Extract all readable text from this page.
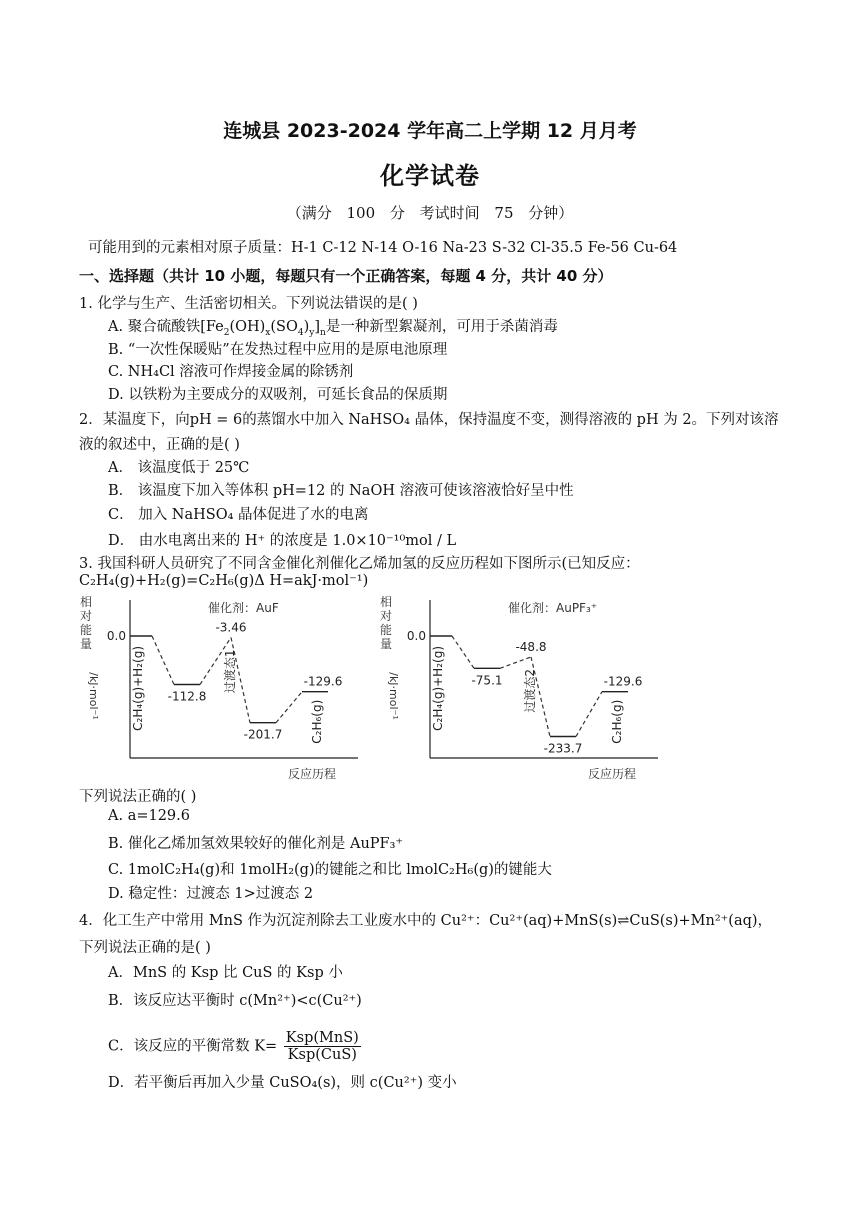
连城县 2023-2024 学年高二上学期 12 月月考
化学试卷
（满分 100 分 考试时间 75 分钟）
可能用到的元素相对原子质量：H-1 C-12 N-14 O-16 Na-23 S-32 Cl-35.5 Fe-56 Cu-64
一、选择题（共计 10 小题，每题只有一个正确答案，每题 4 分，共计 40 分）
1. 化学与生产、生活密切相关。下列说法错误的是( )
A. 聚合硫酸铁$[Fe_2(OH)_x(SO_4)_y]_n$是一种新型絮凝剂，可用于杀菌消毒
B. “一次性保暖贴”在发热过程中应用的是原电池原理
C. NH₄Cl 溶液可作焊接金属的除锈剂
D. 以铁粉为主要成分的双吸剂，可延长食品的保质期
2．某温度下，向pH = 6的蒸馏水中加入 NaHSO₄ 晶体，保持温度不变，测得溶液的 pH 为 2。下列对该溶
液的叙述中，正确的是( )
A． 该温度低于 25℃
B． 该温度下加入等体积 pH=12 的 NaOH 溶液可使该溶液恰好呈中性
C． 加入 NaHSO₄ 晶体促进了水的电离
D． 由水电离出来的 H⁺ 的浓度是 1.0×10⁻¹⁰mol / L
3. 我国科研人员研究了不同含金催化剂催化乙烯加氢的反应历程如下图所示(已知反应：
C₂H₄(g)+H₂(g)=C₂H₆(g)Δ H=akJ·mol⁻¹)
相
对
能
量
/kJ·mol⁻¹
反应历程
催化剂：AuF
0.0
-112.8
-3.46
-201.7
-129.6
C₂H₄(g)+H₂(g)	过渡态1
C₂H₆(g)
相
对
能
量
/kJ·mol⁻¹
反应历程
催化剂：AuPF₃⁺
0.0
-75.1
-48.8
-233.7
-129.6
C₂H₄(g)+H₂(g)	过渡态2
C₂H₆(g)
下列说法正确的( )
A. a=129.6
B. 催化乙烯加氢效果较好的催化剂是 AuPF₃⁺
C. 1molC₂H₄(g)和 1molH₂(g)的键能之和比 lmolC₂H₆(g)的键能大
D. 稳定性：过渡态 1>过渡态 2
4．化工生产中常用 MnS 作为沉淀剂除去工业废水中的 Cu²⁺：Cu²⁺(aq)+MnS(s)⇌CuS(s)+Mn²⁺(aq)，
下列说法正确的是( )
A．MnS 的 Ksp 比 CuS 的 Ksp 小
B．该反应达平衡时 c(Mn²⁺)<c(Cu²⁺)
C．该反应的平衡常数 K=
Ksp(MnS)
Ksp(CuS)
D．若平衡后再加入少量 CuSO₄(s)，则 c(Cu²⁺) 变小
